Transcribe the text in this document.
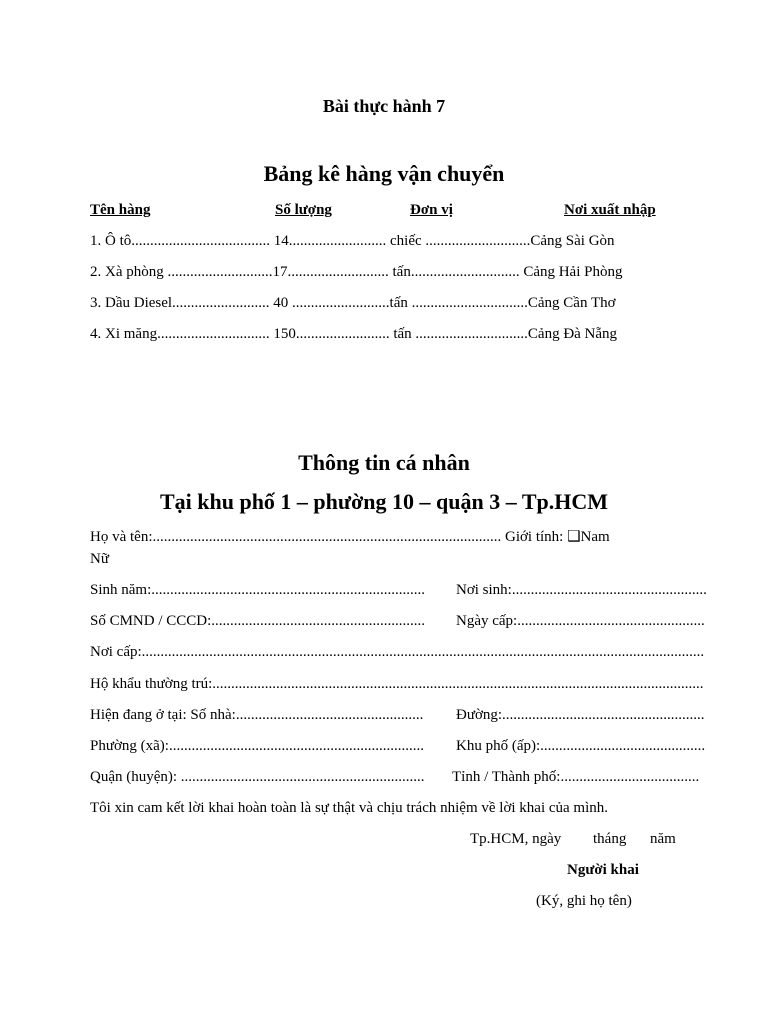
Bài thực hành 7
Bảng kê hàng vận chuyển
Tên hàng	Số lượng	Đơn vị	Nơi xuất nhập
1. Ô tô..................................... 14.......................... chiếc ............................Cảng Sài Gòn
2. Xà phòng ............................17........................... tấn............................. Cảng Hải Phòng
3. Dầu Diesel.......................... 40 ..........................tấn ...............................Cảng Cần Thơ
4. Xi măng.............................. 150......................... tấn ..............................Cảng Đà Nẵng
Thông tin cá nhân
Tại khu phố 1 – phường 10 – quận 3 – Tp.HCM
Họ và tên:............................................................................................. Giới tính: ❑Nam
Nữ
Sinh năm:......................................................................... Nơi sinh:....................................................
Số CMND / CCCD:......................................................... Ngày cấp:..................................................
Nơi cấp:......................................................................................................................................................
Hộ khẩu thường trú:...................................................................................................................................
Hiện đang ở tại: Số nhà:.................................................. Đường:......................................................
Phường (xã):.................................................................... Khu phố (ấp):............................................
Quận (huyện): ................................................................. Tỉnh / Thành phố:.....................................
Tôi xin cam kết lời khai hoàn toàn là sự thật và chịu trách nhiệm về lời khai của mình.
Tp.HCM, ngày tháng năm
Người khai
(Ký, ghi họ tên)
